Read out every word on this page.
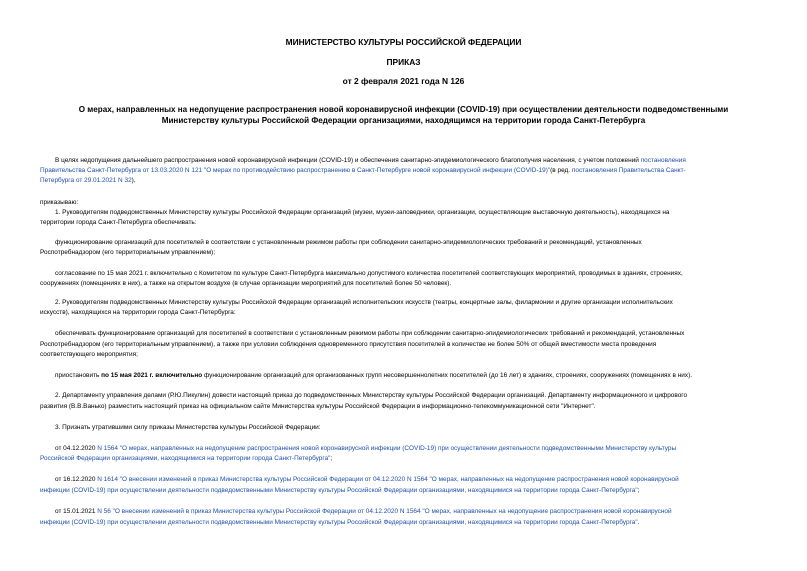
МИНИСТЕРСТВО КУЛЬТУРЫ РОССИЙСКОЙ ФЕДЕРАЦИИ
ПРИКАЗ
от 2 февраля 2021 года N 126
О мерах, направленных на недопущение распространения новой коронавирусной инфекции (COVID-19) при осуществлении деятельности подведомственными
Министерству культуры Российской Федерации организациями, находящимся на территории города Санкт-Петербурга
В целях недопущения дальнейшего распространения новой коронавирусной инфекции (COVID-19) и обеспечения санитарно-эпидемиологического благополучия населения, с учетом положений постановления
Правительства Санкт-Петербурга от 13.03.2020 N 121 "О мерах по противодействию распространению в Санкт-Петербурге новой коронавирусной инфекции (COVID-19)"(в ред. постановления Правительства Санкт-
Петербурга от 29.01.2021 N 32),
приказываю:
1. Руководителям подведомственных Министерству культуры Российской Федерации организаций (музеи, музеи-заповедники, организации, осуществляющие выставочную деятельность), находящихся на
территории города Санкт-Петербурга обеспечивать:
функционирование организаций для посетителей в соответствии с установленным режимом работы при соблюдении санитарно-эпидемиологических требований и рекомендаций, установленных
Роспотребнадзором (его территориальным управлением);
согласование по 15 мая 2021 г. включительно с Комитетом по культуре Санкт-Петербурга максимально допустимого количества посетителей соответствующих мероприятий, проводимых в зданиях, строениях,
сооружениях (помещениях в них), а также на открытом воздухе (в случае организации мероприятий для посетителей более 50 человек).
2. Руководителям подведомственных Министерству культуры Российской Федерации организаций исполнительских искусств (театры, концертные залы, филармонии и другие организации исполнительских
искусств), находящихся на территории города Санкт-Петербурга:
обеспечивать функционирование организаций для посетителей в соответствии с установленным режимом работы при соблюдении санитарно-эпидемиологических требований и рекомендаций, установленных
Роспотребнадзором (его территориальным управлением), а также при условии соблюдения одновременного присутствия посетителей в количестве не более 50% от общей вместимости места проведения
соответствующего мероприятия;
приостановить по 15 мая 2021 г. включительно функционирование организаций для организованных групп несовершеннолетних посетителей (до 16 лет) в зданиях, строениях, сооружениях (помещениях в них).
2. Департаменту управления делами (Р.Ю.Пикулин) довести настоящий приказ до подведомственных Министерству культуры Российской Федерации организаций. Департаменту информационного и цифрового
развития (В.В.Ванько) разместить настоящий приказ на официальном сайте Министерства культуры Российской Федерации в информационно-телекоммуникационной сети "Интернет".
3. Признать утратившими силу приказы Министерства культуры Российской Федерации:
от 04.12.2020 N 1564 "О мерах, направленных на недопущение распространения новой коронавирусной инфекции (COVID-19) при осуществлении деятельности подведомственными Министерству культуры
Российской Федерации организациями, находящимися на территории города Санкт-Петербурга";
от 16.12.2020 N 1614 "О внесении изменений в приказ Министерства культуры Российской Федерации от 04.12.2020 N 1564 "О мерах, направленных на недопущение распространения новой коронавирусной
инфекции (COVID-19) при осуществлении деятельности подведомственными Министерству культуры Российской Федерации организациями, находящимися на территории города Санкт-Петербурга";
от 15.01.2021 N 56 "О внесении изменений в приказ Министерства культуры Российской Федерации от 04.12.2020 N 1564 "О мерах, направленных на недопущение распространения новой коронавирусной
инфекции (COVID-19) при осуществлении деятельности подведомственными Министерству культуры Российской Федерации организациями, находящимися на территории города Санкт-Петербурга".
